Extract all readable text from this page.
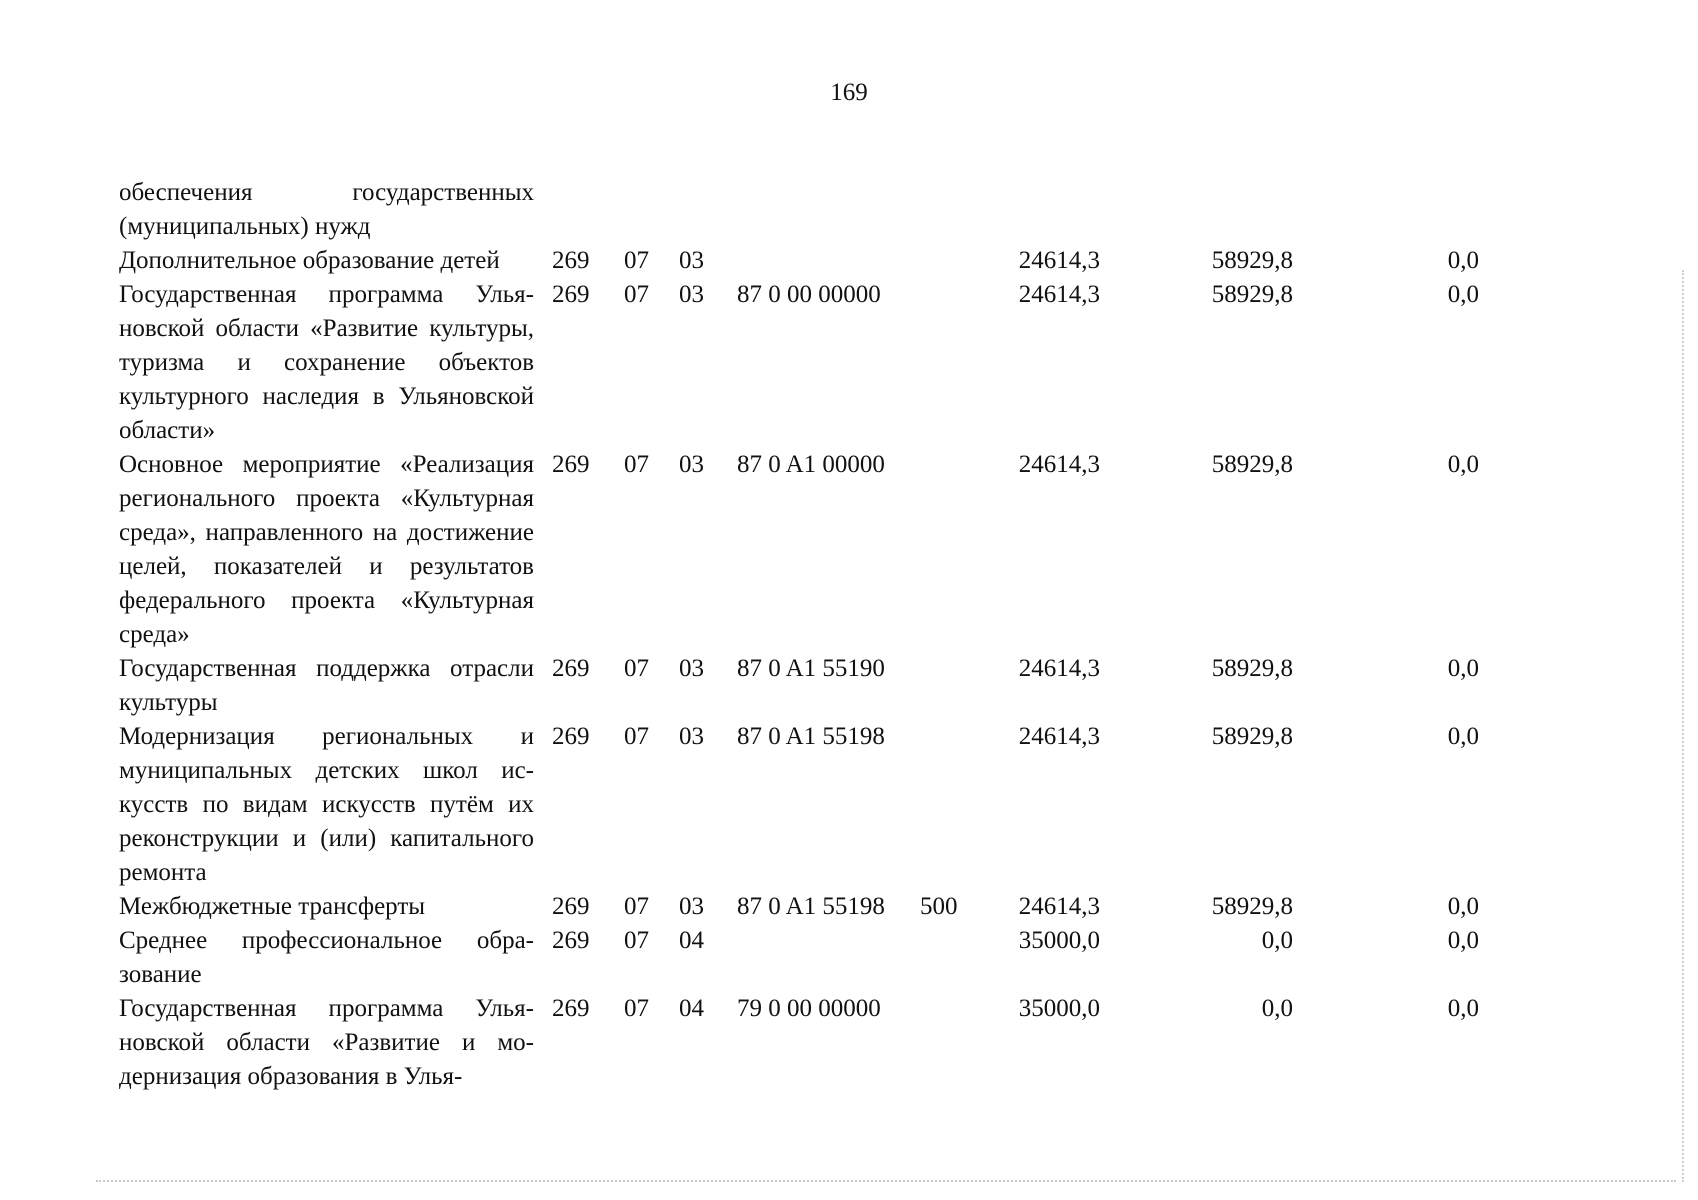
169
обеспечения государственных (муниципальных) нужд								
Дополнительное образование детей	269	07	03			24614,3	58929,8	0,0
Государственная программа Ульяновской области «Развитие культуры, туризма и сохранение объектов культурного наследия в Ульяновской области»	269	07	03	87 0 00 00000		24614,3	58929,8	0,0
Основное мероприятие «Реализация регионального проекта «Культурная среда», направленного на достижение целей, показателей и результатов федерального проекта «Культурная среда»	269	07	03	87 0 A1 00000		24614,3	58929,8	0,0
Государственная поддержка отрасли культуры	269	07	03	87 0 A1 55190		24614,3	58929,8	0,0
Модернизация региональных и муниципальных детских школ искусств по видам искусств путём их реконструкции и (или) капитального ремонта	269	07	03	87 0 A1 55198		24614,3	58929,8	0,0
Межбюджетные трансферты	269	07	03	87 0 A1 55198	500	24614,3	58929,8	0,0
Среднее профессиональное образование	269	07	04			35000,0	0,0	0,0
Государственная программа Ульяновской области «Развитие и модернизация образования в Улья-	269	07	04	79 0 00 00000		35000,0	0,0	0,0
